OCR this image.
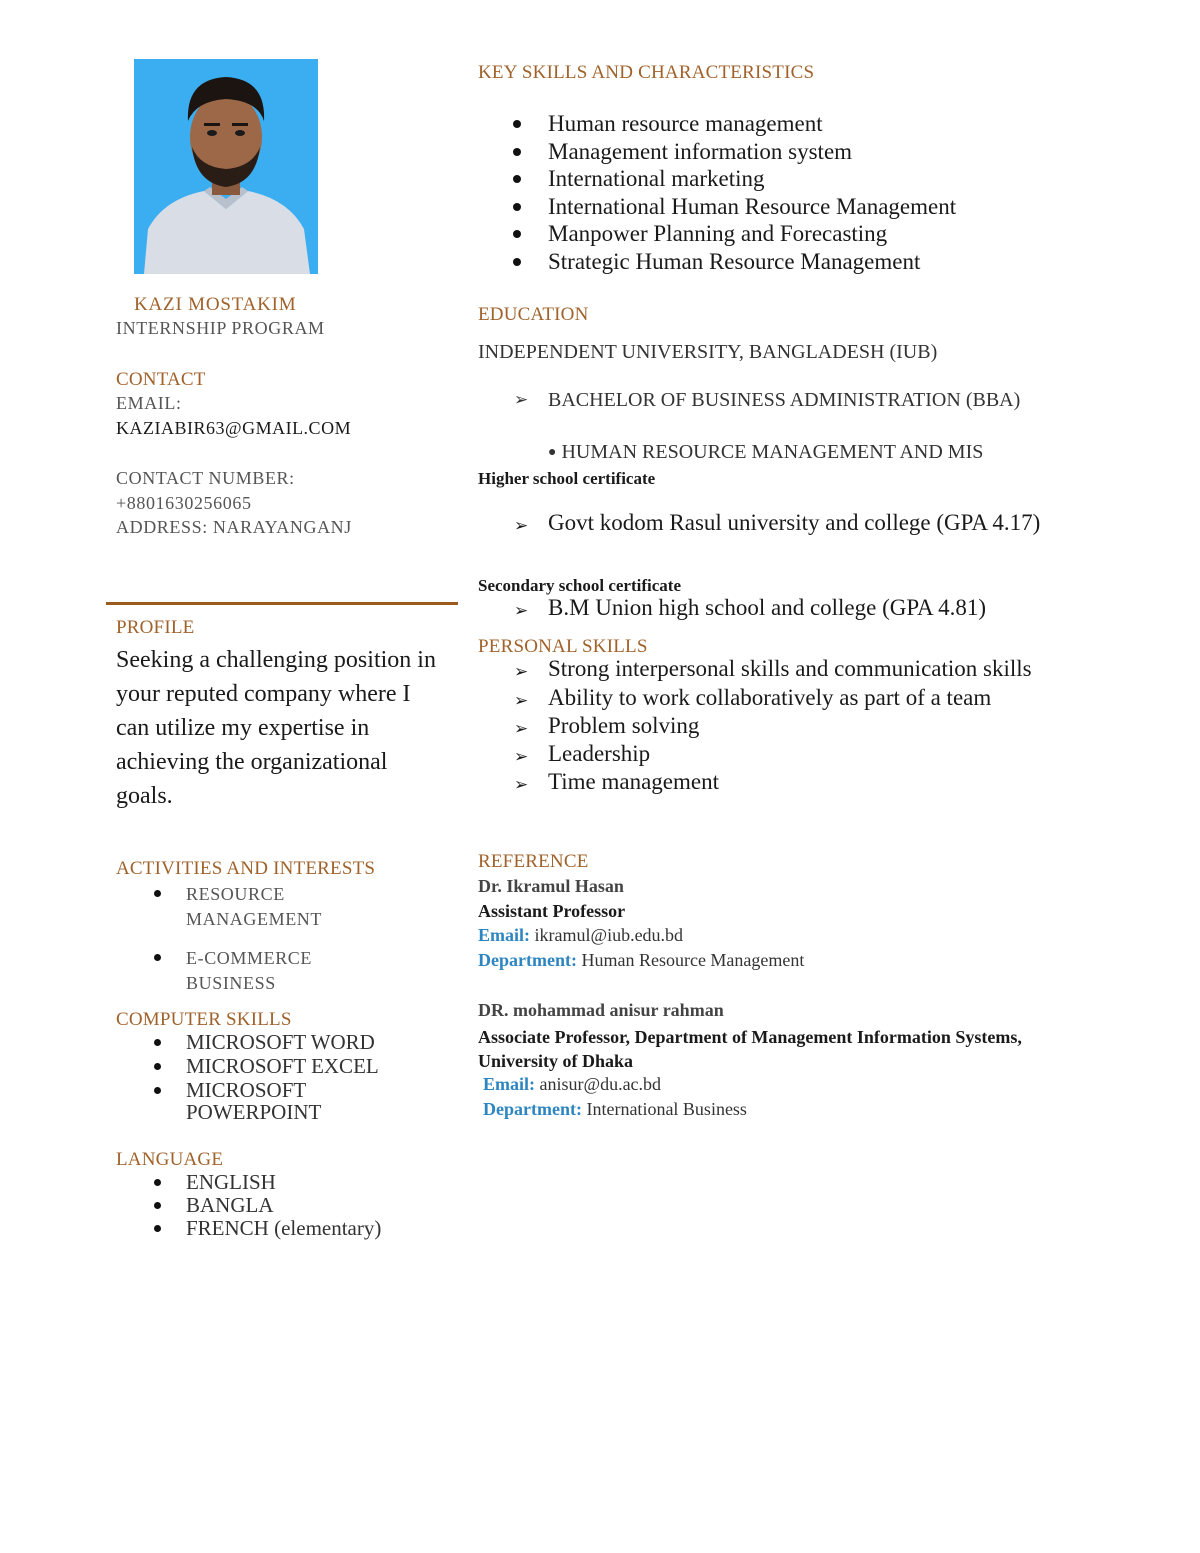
KAZI MOSTAKIM
INTERNSHIP PROGRAM
CONTACT
EMAIL:
KAZIABIR63@GMAIL.COM
CONTACT NUMBER:
+8801630256065
ADDRESS: NARAYANGANJ
PROFILE
Seeking a challenging position in your reputed company where I can utilize my expertise in achieving the organizational goals.
ACTIVITIES AND INTERESTS
RESOURCE MANAGEMENT
E-COMMERCE BUSINESS
COMPUTER SKILLS
MICROSOFT WORD
MICROSOFT EXCEL
MICROSOFT POWERPOINT
LANGUAGE
ENGLISH
BANGLA
FRENCH (elementary)
KEY SKILLS AND CHARACTERISTICS
Human resource management
Management information system
International marketing
International Human Resource Management
Manpower Planning and Forecasting
Strategic Human Resource Management
EDUCATION
INDEPENDENT UNIVERSITY, BANGLADESH (IUB)
➢ BACHELOR OF BUSINESS ADMINISTRATION (BBA)
● HUMAN RESOURCE MANAGEMENT AND MIS
Higher school certificate
➢ Govt kodom Rasul university and college (GPA 4.17)
Secondary school certificate
➢ B.M Union high school and college (GPA 4.81)
PERSONAL SKILLS
➢ Strong interpersonal skills and communication skills
➢ Ability to work collaboratively as part of a team
➢ Problem solving
➢ Leadership
➢ Time management
REFERENCE
Dr. Ikramul Hasan
Assistant Professor
Email: ikramul@iub.edu.bd
Department: Human Resource Management
DR. mohammad anisur rahman
Associate Professor, Department of Management Information Systems, University of Dhaka
Email: anisur@du.ac.bd
Department: International Business
